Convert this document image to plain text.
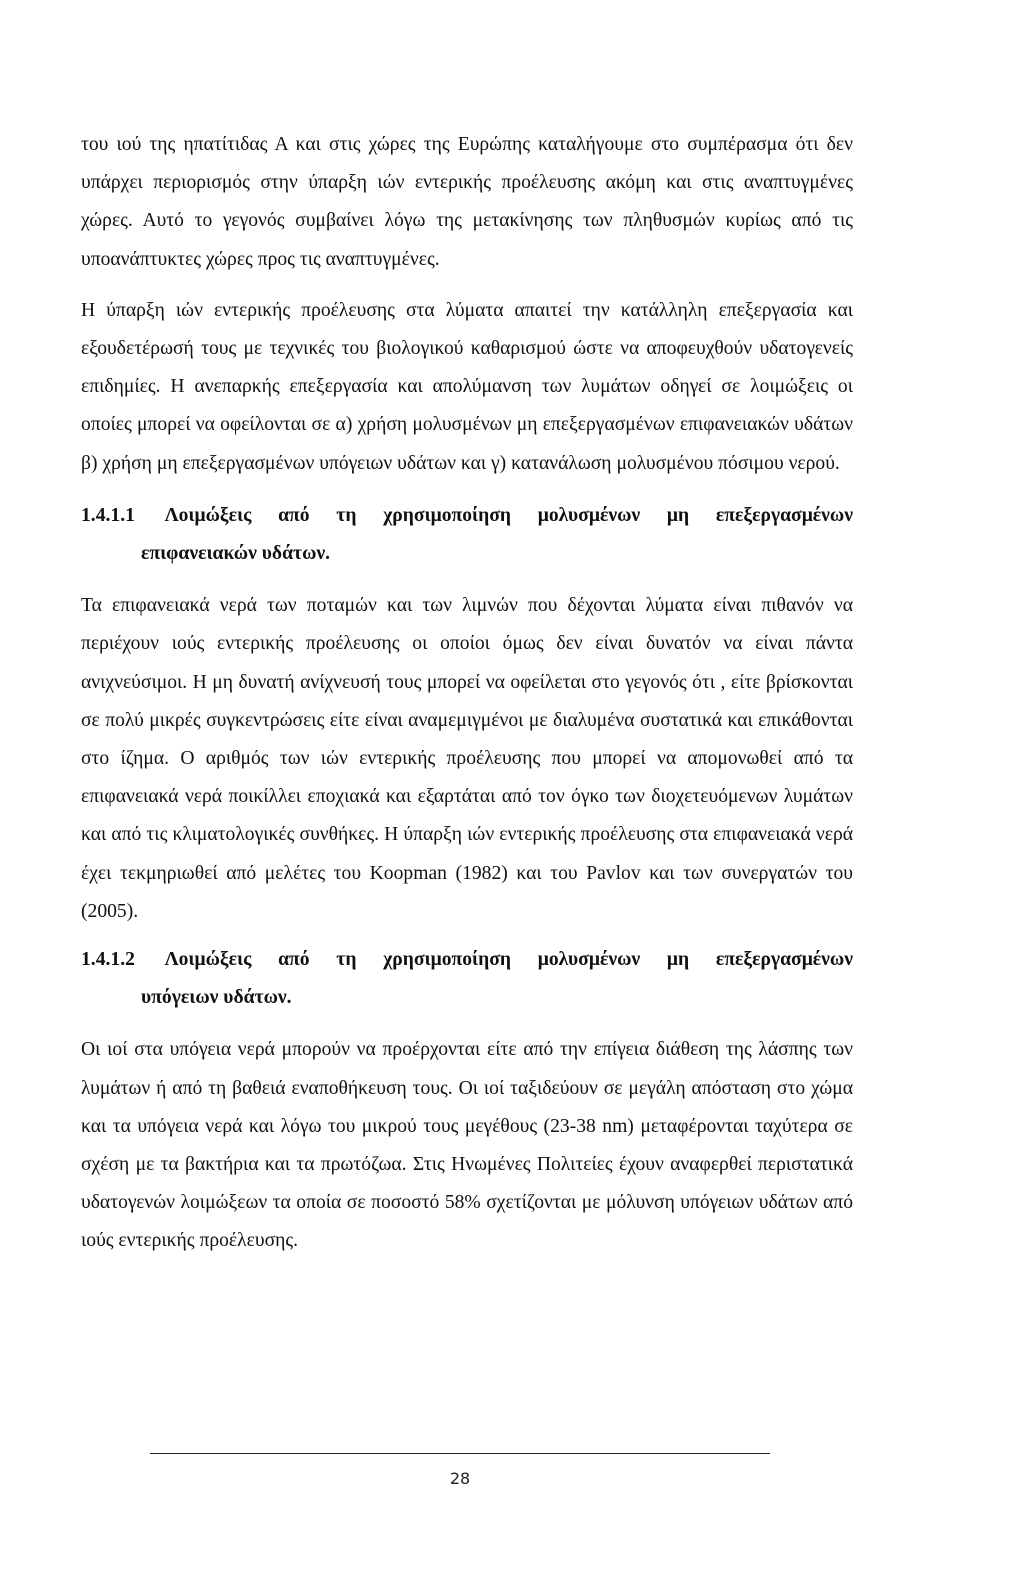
του ιού της ηπατίτιδας Α και στις χώρες της Ευρώπης καταλήγουμε στο συμπέρασμα ότι δεν υπάρχει περιορισμός στην ύπαρξη ιών εντερικής προέλευσης ακόμη και στις αναπτυγμένες χώρες. Αυτό το γεγονός συμβαίνει λόγω της μετακίνησης των πληθυσμών κυρίως από τις υποανάπτυκτες χώρες προς τις αναπτυγμένες.

Η ύπαρξη ιών εντερικής προέλευσης στα λύματα απαιτεί την κατάλληλη επεξεργασία και εξουδετέρωσή τους με τεχνικές του βιολογικού καθαρισμού ώστε να αποφευχθούν υδατογενείς επιδημίες. Η ανεπαρκής επεξεργασία και απολύμανση των λυμάτων οδηγεί σε λοιμώξεις οι οποίες μπορεί να οφείλονται σε α) χρήση μολυσμένων μη επεξεργασμένων επιφανειακών υδάτων β) χρήση μη επεξεργασμένων υπόγειων υδάτων και γ) κατανάλωση μολυσμένου πόσιμου νερού.

1.4.1.1 Λοιμώξεις από τη χρησιμοποίηση μολυσμένων μη επεξεργασμένων
επιφανειακών υδάτων.

Τα επιφανειακά νερά των ποταμών και των λιμνών που δέχονται λύματα είναι πιθανόν να περιέχουν ιούς εντερικής προέλευσης οι οποίοι όμως δεν είναι δυνατόν να είναι πάντα ανιχνεύσιμοι. Η μη δυνατή ανίχνευσή τους μπορεί να οφείλεται στο γεγονός ότι , είτε βρίσκονται σε πολύ μικρές συγκεντρώσεις είτε είναι αναμεμιγμένοι με διαλυμένα συστατικά και επικάθονται στο ίζημα. Ο αριθμός των ιών εντερικής προέλευσης που μπορεί να απομονωθεί από τα επιφανειακά νερά ποικίλλει εποχιακά και εξαρτάται από τον όγκο των διοχετευόμενων λυμάτων και από τις κλιματολογικές συνθήκες. Η ύπαρξη ιών εντερικής προέλευσης στα επιφανειακά νερά έχει τεκμηριωθεί από μελέτες του Koopman (1982) και του Pavlov και των συνεργατών του (2005).

1.4.1.2 Λοιμώξεις από τη χρησιμοποίηση μολυσμένων μη επεξεργασμένων
υπόγειων υδάτων.

Οι ιοί στα υπόγεια νερά μπορούν να προέρχονται είτε από την επίγεια διάθεση της λάσπης των λυμάτων ή από τη βαθειά εναποθήκευση τους. Οι ιοί ταξιδεύουν σε μεγάλη απόσταση στο χώμα και τα υπόγεια νερά και λόγω του μικρού τους μεγέθους (23-38 nm) μεταφέρονται ταχύτερα σε σχέση με τα βακτήρια και τα πρωτόζωα. Στις Ηνωμένες Πολιτείες έχουν αναφερθεί περιστατικά υδατογενών λοιμώξεων τα οποία σε ποσοστό 58% σχετίζονται με μόλυνση υπόγειων υδάτων από ιούς εντερικής προέλευσης.

28
